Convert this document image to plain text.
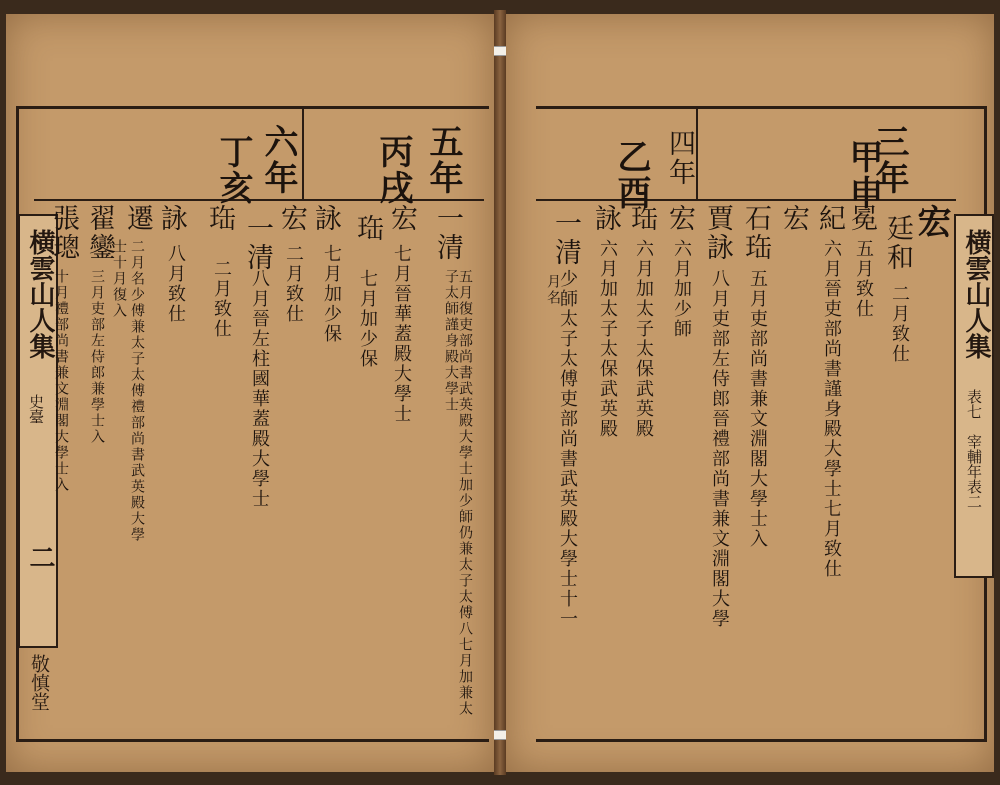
横雲山人集
史臺
二
敬慎堂
五年
丙戌
六年
丁亥
一清
五月復吏部尚書武英殿大學士加少師仍兼太子太傅八七月加兼太子太師謹身殿大學士
宏
七月晉華蓋殿大學士
珤
七月加少保
詠
七月加少保
宏
二月致仕
一清
八月晉左柱國華蓋殿大學士
珤
二月致仕
詠
八月致仕
遷
二月名少傅兼太子太傅禮部尚書武英殿大學
士十月復入
翟鑾
三月吏部左侍郎兼學士入
張璁
十月禮部尚書兼文淵閣大學士入	横雲山人集
表七
宰輔年表二
宏
三年
甲申
四年
乙酉
廷和
二月致仕
冕
五月致仕
紀
六月晉吏部尚書謹身殿大學士七月致仕
宏
石珤
五月吏部尚書兼文淵閣大學士入
賈詠
八月吏部左侍郎晉禮部尚書兼文淵閣大學
宏
六月加少師
珤
六月加太子太保武英殿
詠
六月加太子太保武英殿
一清
少師太子太傅吏部尚書武英殿大學士十一
月名
